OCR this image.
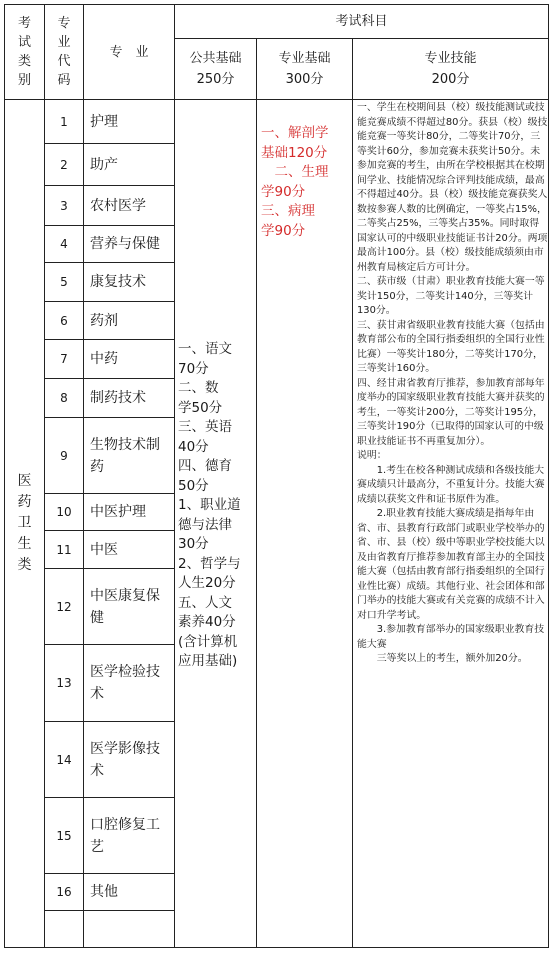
考试类别
专业代码
专　业
考试科目
公共基础
250分
专业基础
300分
专业技能
200分
医药卫生类
1 护理
2 助产
3 农村医学
4 营养与保健
5 康复技术
6 药剂
7 中药
8 制药技术
9
生物技术制药
10 中医护理
11 中医
12
中医康复保健
13
医学检验技术
14
医学影像技术
15
口腔修复工艺
16 其他
一、语文
70分
二、数
学50分
三、英语
40分
四、德育
50分
1、职业道
德与法律
30分
2、哲学与
人生20分
五、人文
素养40分
(含计算机
应用基础)
一、解剖学
基础120分
　二、生理
学90分
三、病理
学90分
一、学生在校期间县（校）级技能测试或技能竞赛成绩不得超过80分。获县（校）级技能竞赛一等奖计80分，二等奖计70分，三等奖计60分，参加竞赛未获奖计50分。未参加竞赛的考生，由所在学校根据其在校期间学业、技能情况综合评判技能成绩，最高不得超过40分。县（校）级技能竞赛获奖人数按参赛人数的比例确定，一等奖占15%，二等奖占25%，三等奖占35%。同时取得国家认可的中级职业技能证书计20分。两项最高计100分。县（校）级技能成绩须由市州教育局核定后方可计分。
二、获市级（甘肃）职业教育技能大赛一等奖计150分，二等奖计140分，三等奖计130分。
三、获甘肃省级职业教育技能大赛（包括由教育部公布的全国行指委组织的全国行业性比赛）一等奖计180分，二等奖计170分，三等奖计160分。
四、经甘肃省教育厅推荐，参加教育部每年度举办的国家级职业教育技能大赛并获奖的考生，一等奖计200分，二等奖计195分，三等奖计190分（已取得的国家认可的中级职业技能证书不再重复加分）。
说明：
　　1.考生在校各种测试成绩和各级技能大赛成绩只计最高分，不重复计分。技能大赛成绩以获奖文件和证书原件为准。
　　2.职业教育技能大赛成绩是指每年由省、市、县教育行政部门或职业学校举办的省、市、县（校）级中等职业学校技能大以及由省教育厅推荐参加教育部主办的全国技能大赛（包括由教育部行指委组织的全国行业性比赛）成绩。其他行业、社会团体和部门举办的技能大赛或有关竞赛的成绩不计入对口升学考试。
　　3.参加教育部举办的国家级职业教育技能大赛
　　三等奖以上的考生，额外加20分。
